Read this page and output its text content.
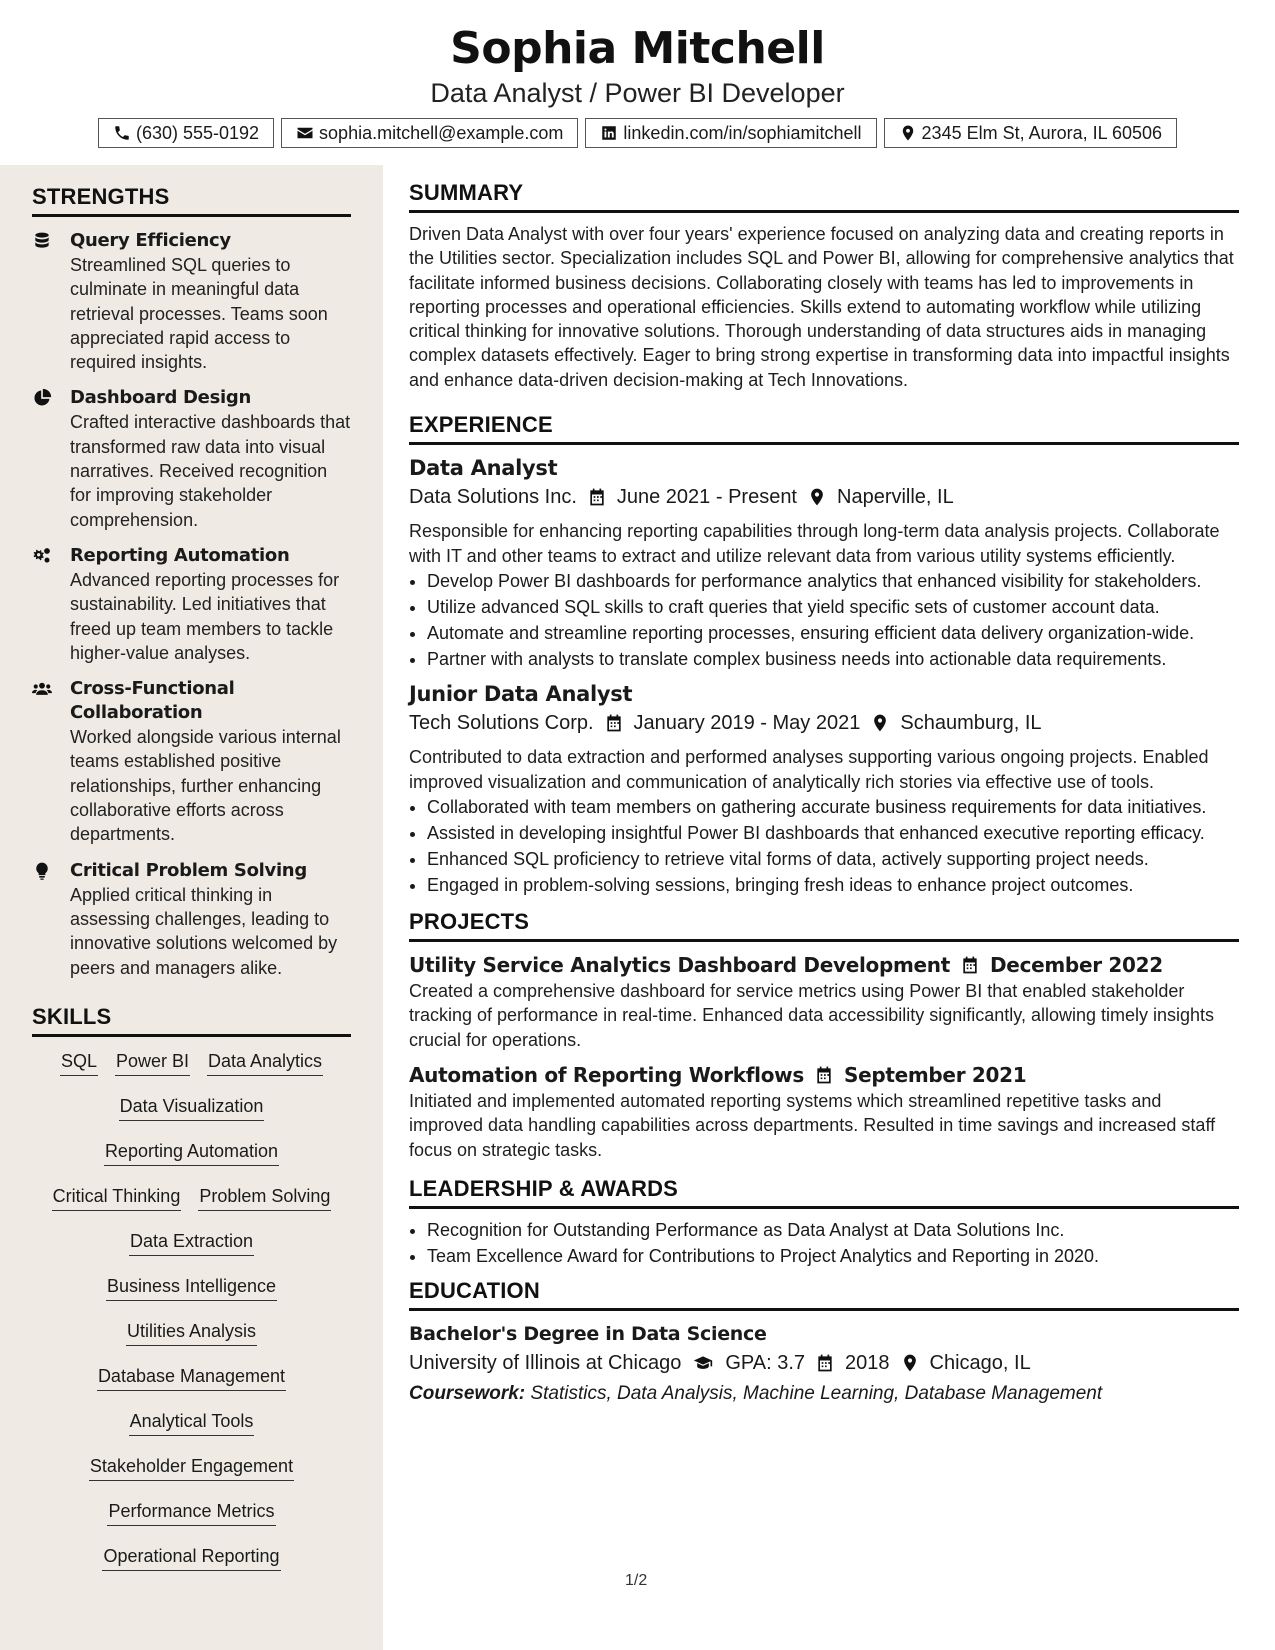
Sophia Mitchell
Data Analyst / Power BI Developer
(630) 555-0192	sophia.mitchell@example.com	linkedin.com/in/sophiamitchell	2345 Elm St, Aurora, IL 60506
STRENGTHS
Query Efficiency
Streamlined SQL queries to culminate in meaningful data retrieval processes. Teams soon appreciated rapid access to required insights.
Dashboard Design
Crafted interactive dashboards that transformed raw data into visual narratives. Received recognition for improving stakeholder comprehension.
Reporting Automation
Advanced reporting processes for sustainability. Led initiatives that freed up team members to tackle higher-value analyses.
Cross-Functional Collaboration
Worked alongside various internal teams established positive relationships, further enhancing collaborative efforts across departments.
Critical Problem Solving
Applied critical thinking in assessing challenges, leading to innovative solutions welcomed by peers and managers alike.
SKILLS
SQL Power BI Data Analytics
Data Visualization
Reporting Automation
Critical Thinking Problem Solving
Data Extraction
Business Intelligence
Utilities Analysis
Database Management
Analytical Tools
Stakeholder Engagement
Performance Metrics
Operational Reporting
SUMMARY
Driven Data Analyst with over four years' experience focused on analyzing data and creating reports in the Utilities sector. Specialization includes SQL and Power BI, allowing for comprehensive analytics that facilitate informed business decisions. Collaborating closely with teams has led to improvements in reporting processes and operational efficiencies. Skills extend to automating workflow while utilizing critical thinking for innovative solutions. Thorough understanding of data structures aids in managing complex datasets effectively. Eager to bring strong expertise in transforming data into impactful insights and enhance data-driven decision-making at Tech Innovations.
EXPERIENCE
Data Analyst
Data Solutions Inc. June 2021 - Present Naperville, IL
Responsible for enhancing reporting capabilities through long-term data analysis projects. Collaborate with IT and other teams to extract and utilize relevant data from various utility systems efficiently.
• Develop Power BI dashboards for performance analytics that enhanced visibility for stakeholders.
• Utilize advanced SQL skills to craft queries that yield specific sets of customer account data.
• Automate and streamline reporting processes, ensuring efficient data delivery organization-wide.
• Partner with analysts to translate complex business needs into actionable data requirements.
Junior Data Analyst
Tech Solutions Corp. January 2019 - May 2021 Schaumburg, IL
Contributed to data extraction and performed analyses supporting various ongoing projects. Enabled improved visualization and communication of analytically rich stories via effective use of tools.
• Collaborated with team members on gathering accurate business requirements for data initiatives.
• Assisted in developing insightful Power BI dashboards that enhanced executive reporting efficacy.
• Enhanced SQL proficiency to retrieve vital forms of data, actively supporting project needs.
• Engaged in problem-solving sessions, bringing fresh ideas to enhance project outcomes.
PROJECTS
Utility Service Analytics Dashboard Development December 2022
Created a comprehensive dashboard for service metrics using Power BI that enabled stakeholder tracking of performance in real-time. Enhanced data accessibility significantly, allowing timely insights crucial for operations.
Automation of Reporting Workflows September 2021
Initiated and implemented automated reporting systems which streamlined repetitive tasks and improved data handling capabilities across departments. Resulted in time savings and increased staff focus on strategic tasks.
LEADERSHIP & AWARDS
• Recognition for Outstanding Performance as Data Analyst at Data Solutions Inc.
• Team Excellence Award for Contributions to Project Analytics and Reporting in 2020.
EDUCATION
Bachelor's Degree in Data Science
University of Illinois at Chicago GPA: 3.7 2018 Chicago, IL
Coursework: Statistics, Data Analysis, Machine Learning, Database Management
1/2
